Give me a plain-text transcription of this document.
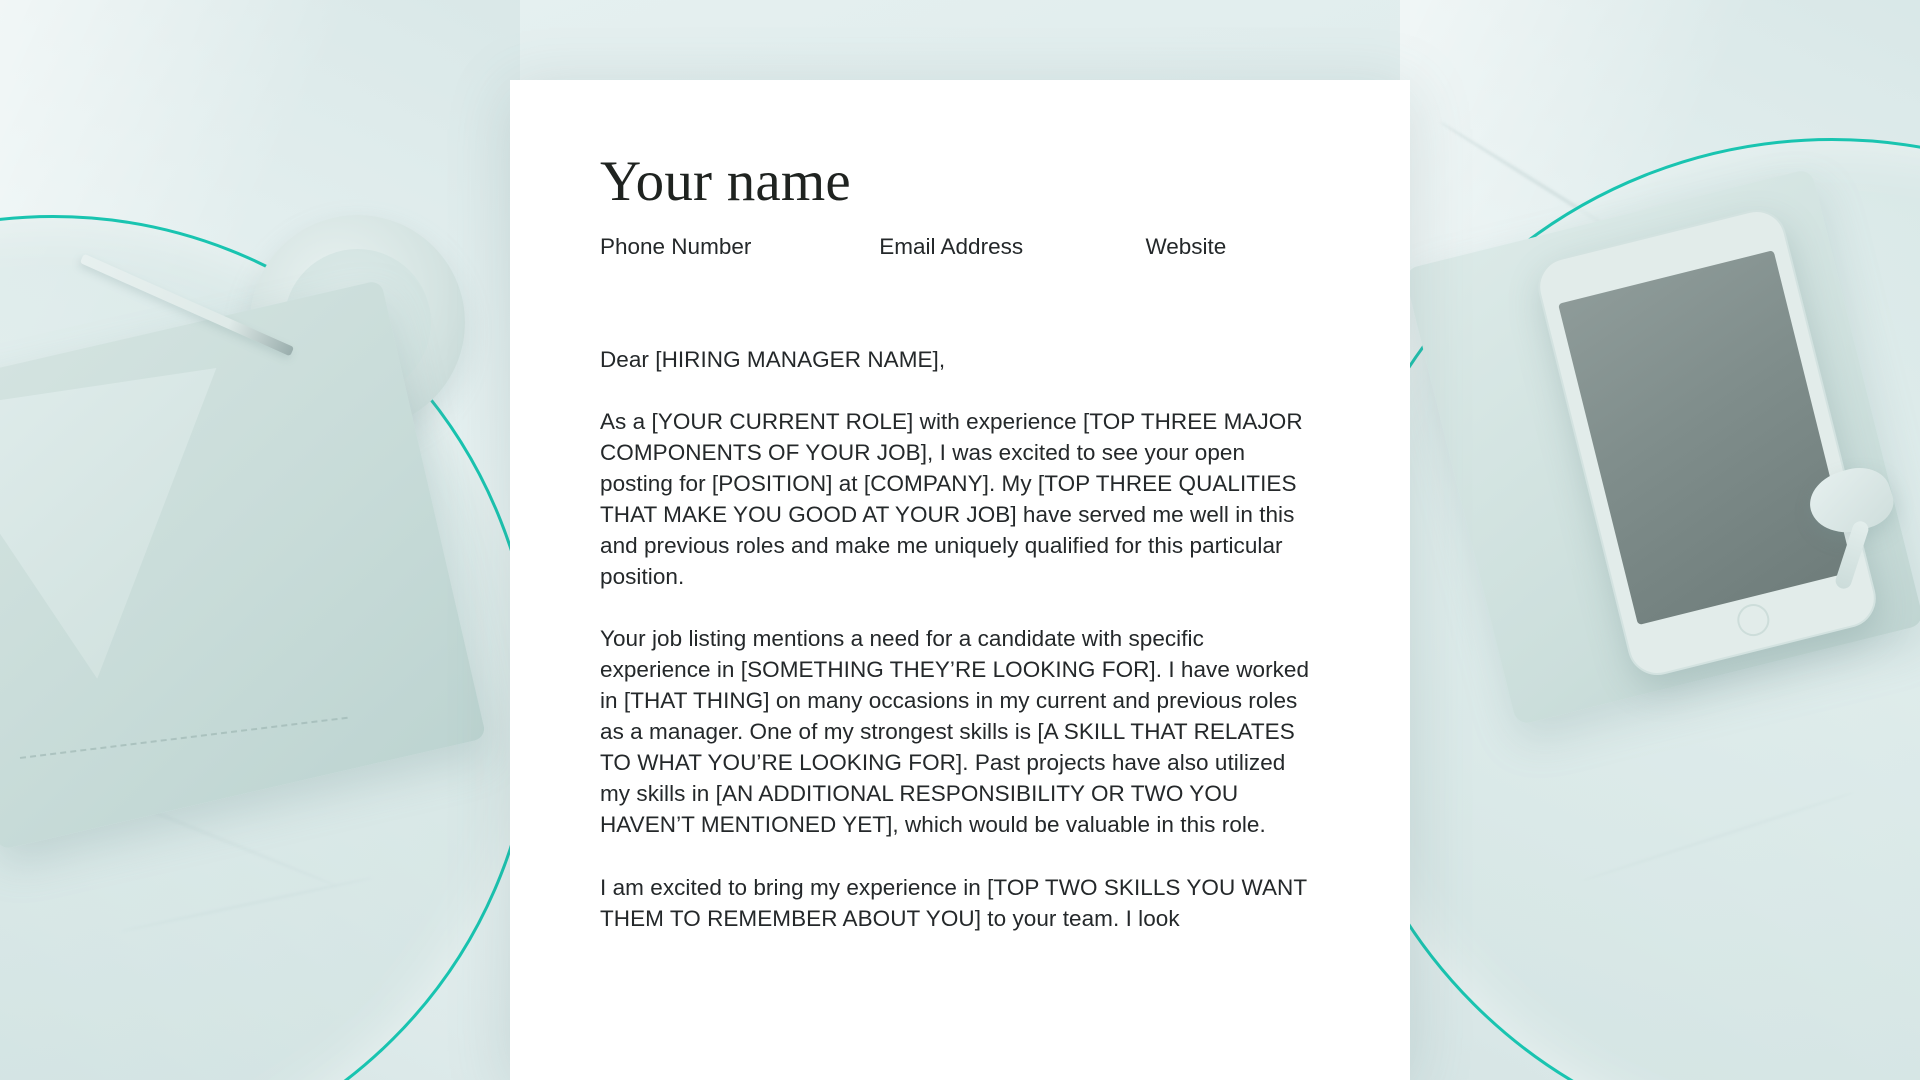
Your name
Phone Number	Email Address	Website

Dear [HIRING MANAGER NAME],

As a [YOUR CURRENT ROLE] with experience [TOP THREE MAJOR COMPONENTS OF YOUR JOB], I was excited to see your open posting for [POSITION] at [COMPANY]. My [TOP THREE QUALITIES THAT MAKE YOU GOOD AT YOUR JOB] have served me well in this and previous roles and make me uniquely qualified for this particular position.

Your job listing mentions a need for a candidate with specific experience in [SOMETHING THEY’RE LOOKING FOR]. I have worked in [THAT THING] on many occasions in my current and previous roles as a manager. One of my strongest skills is [A SKILL THAT RELATES TO WHAT YOU’RE LOOKING FOR]. Past projects have also utilized my skills in [AN ADDITIONAL RESPONSIBILITY OR TWO YOU HAVEN’T MENTIONED YET], which would be valuable in this role.

I am excited to bring my experience in [TOP TWO SKILLS YOU WANT THEM TO REMEMBER ABOUT YOU] to your team. I look
